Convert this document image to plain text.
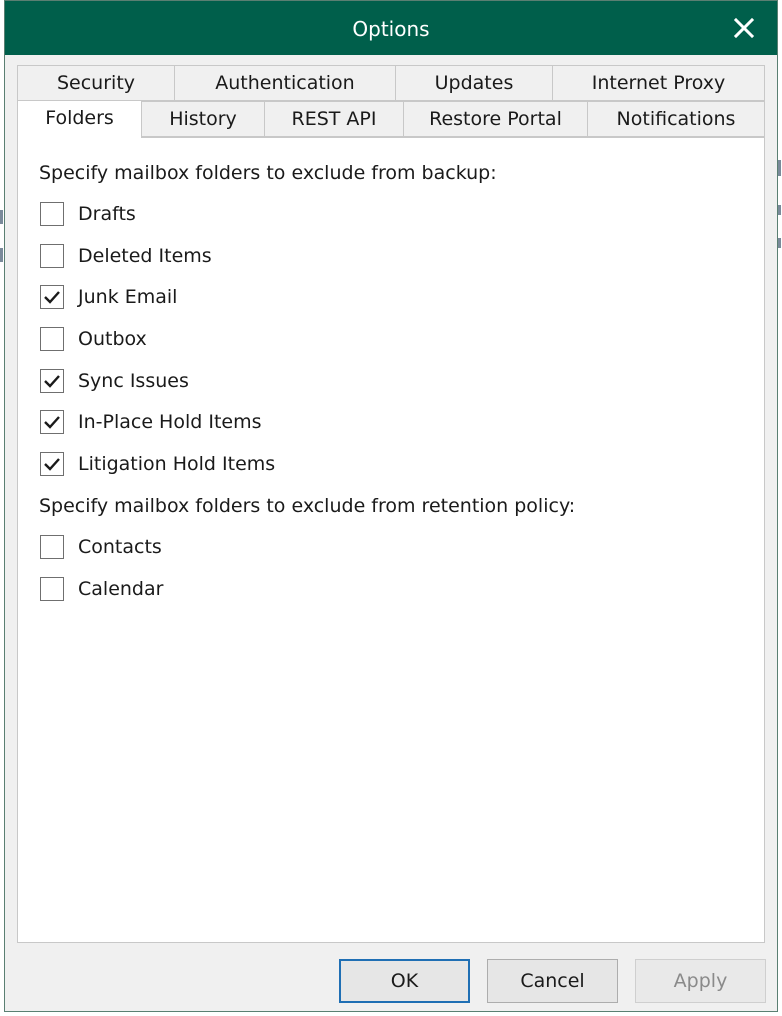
Options
Security	Authentication	Updates	Internet Proxy
History	REST API	Restore Portal	Notifications
Folders
Specify mailbox folders to exclude from backup:
Drafts
Deleted Items
Junk Email
Outbox
Sync Issues
In-Place Hold Items
Litigation Hold Items
Specify mailbox folders to exclude from retention policy:
Contacts
Calendar
OK	Cancel	Apply
